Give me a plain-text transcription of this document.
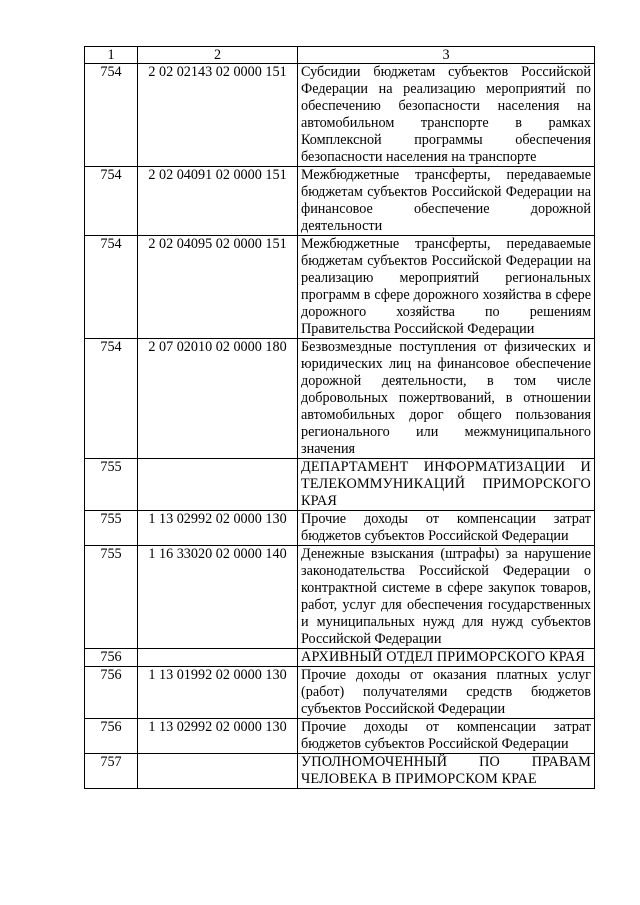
1	2	3
754	2 02 02143 02 0000 151	Субсидии бюджетам субъектов Российской Федерации на реализацию мероприятий по обеспечению безопасности населения на автомобильном транспорте в рамках Комплексной программы обеспечения безопасности населения на транспорте
754	2 02 04091 02 0000 151	Межбюджетные трансферты, передаваемые бюджетам субъектов Российской Федерации на финансовое обеспечение дорожной деятельности
754	2 02 04095 02 0000 151	Межбюджетные трансферты, передаваемые бюджетам субъектов Российской Федерации на реализацию мероприятий региональных программ в сфере дорожного хозяйства в сфере дорожного хозяйства по решениям Правительства Российской Федерации
754	2 07 02010 02 0000 180	Безвозмездные поступления от физических и юридических лиц на финансовое обеспечение дорожной деятельности, в том числе добровольных пожертвований, в отношении автомобильных дорог общего пользования регионального или межмуниципального значения
755		ДЕПАРТАМЕНТ ИНФОРМАТИЗАЦИИ И ТЕЛЕКОММУНИКАЦИЙ ПРИМОРСКОГО КРАЯ
755	1 13 02992 02 0000 130	Прочие доходы от компенсации затрат бюджетов субъектов Российской Федерации
755	1 16 33020 02 0000 140	Денежные взыскания (штрафы) за нарушение законодательства Российской Федерации о контрактной системе в сфере закупок товаров, работ, услуг для обеспечения государственных и муниципальных нужд для нужд субъектов Российской Федерации
756		АРХИВНЫЙ ОТДЕЛ ПРИМОРСКОГО КРАЯ
756	1 13 01992 02 0000 130	Прочие доходы от оказания платных услуг (работ) получателями средств бюджетов субъектов Российской Федерации
756	1 13 02992 02 0000 130	Прочие доходы от компенсации затрат бюджетов субъектов Российской Федерации
757		УПОЛНОМОЧЕННЫЙ ПО ПРАВАМ ЧЕЛОВЕКА В ПРИМОРСКОМ КРАЕ
